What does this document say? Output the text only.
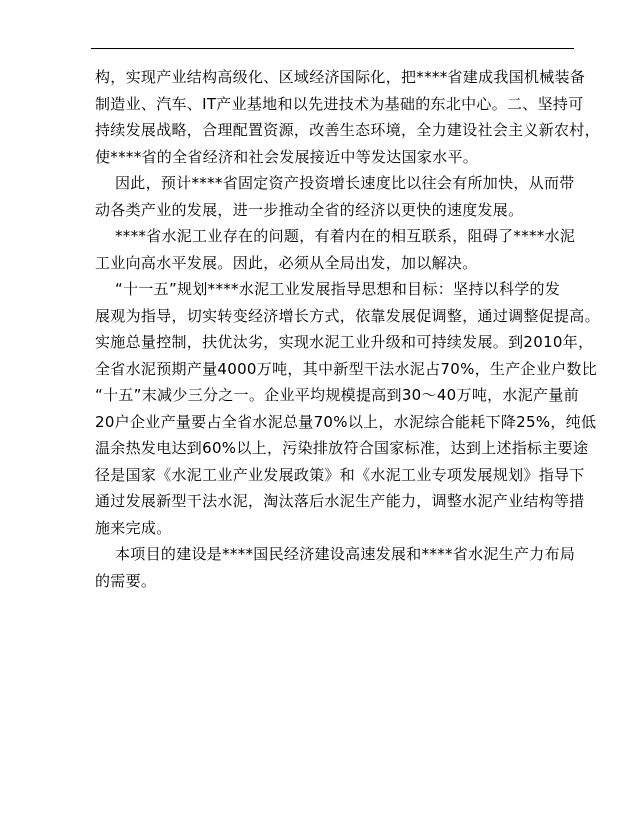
构，实现产业结构高级化、区域经济国际化，把****省建成我国机械装备
制造业、汽车、IT产业基地和以先进技术为基础的东北中心。二、坚持可
持续发展战略，合理配置资源，改善生态环境，全力建设社会主义新农村，
使****省的全省经济和社会发展接近中等发达国家水平。
因此，预计****省固定资产投资增长速度比以往会有所加快，从而带
动各类产业的发展，进一步推动全省的经济以更快的速度发展。
****省水泥工业存在的问题，有着内在的相互联系，阻碍了****水泥
工业向高水平发展。因此，必须从全局出发，加以解决。
“十一五”规划****水泥工业发展指导思想和目标：坚持以科学的发
展观为指导，切实转变经济增长方式，依靠发展促调整，通过调整促提高。
实施总量控制，扶优汰劣，实现水泥工业升级和可持续发展。到2010年，
全省水泥预期产量4000万吨，其中新型干法水泥占70%，生产企业户数比
“十五”末减少三分之一。企业平均规模提高到30～40万吨，水泥产量前
20户企业产量要占全省水泥总量70%以上，水泥综合能耗下降25%，纯低
温余热发电达到60%以上，污染排放符合国家标准，达到上述指标主要途
径是国家《水泥工业产业发展政策》和《水泥工业专项发展规划》指导下
通过发展新型干法水泥，淘汰落后水泥生产能力，调整水泥产业结构等措
施来完成。
本项目的建设是****国民经济建设高速发展和****省水泥生产力布局
的需要。
